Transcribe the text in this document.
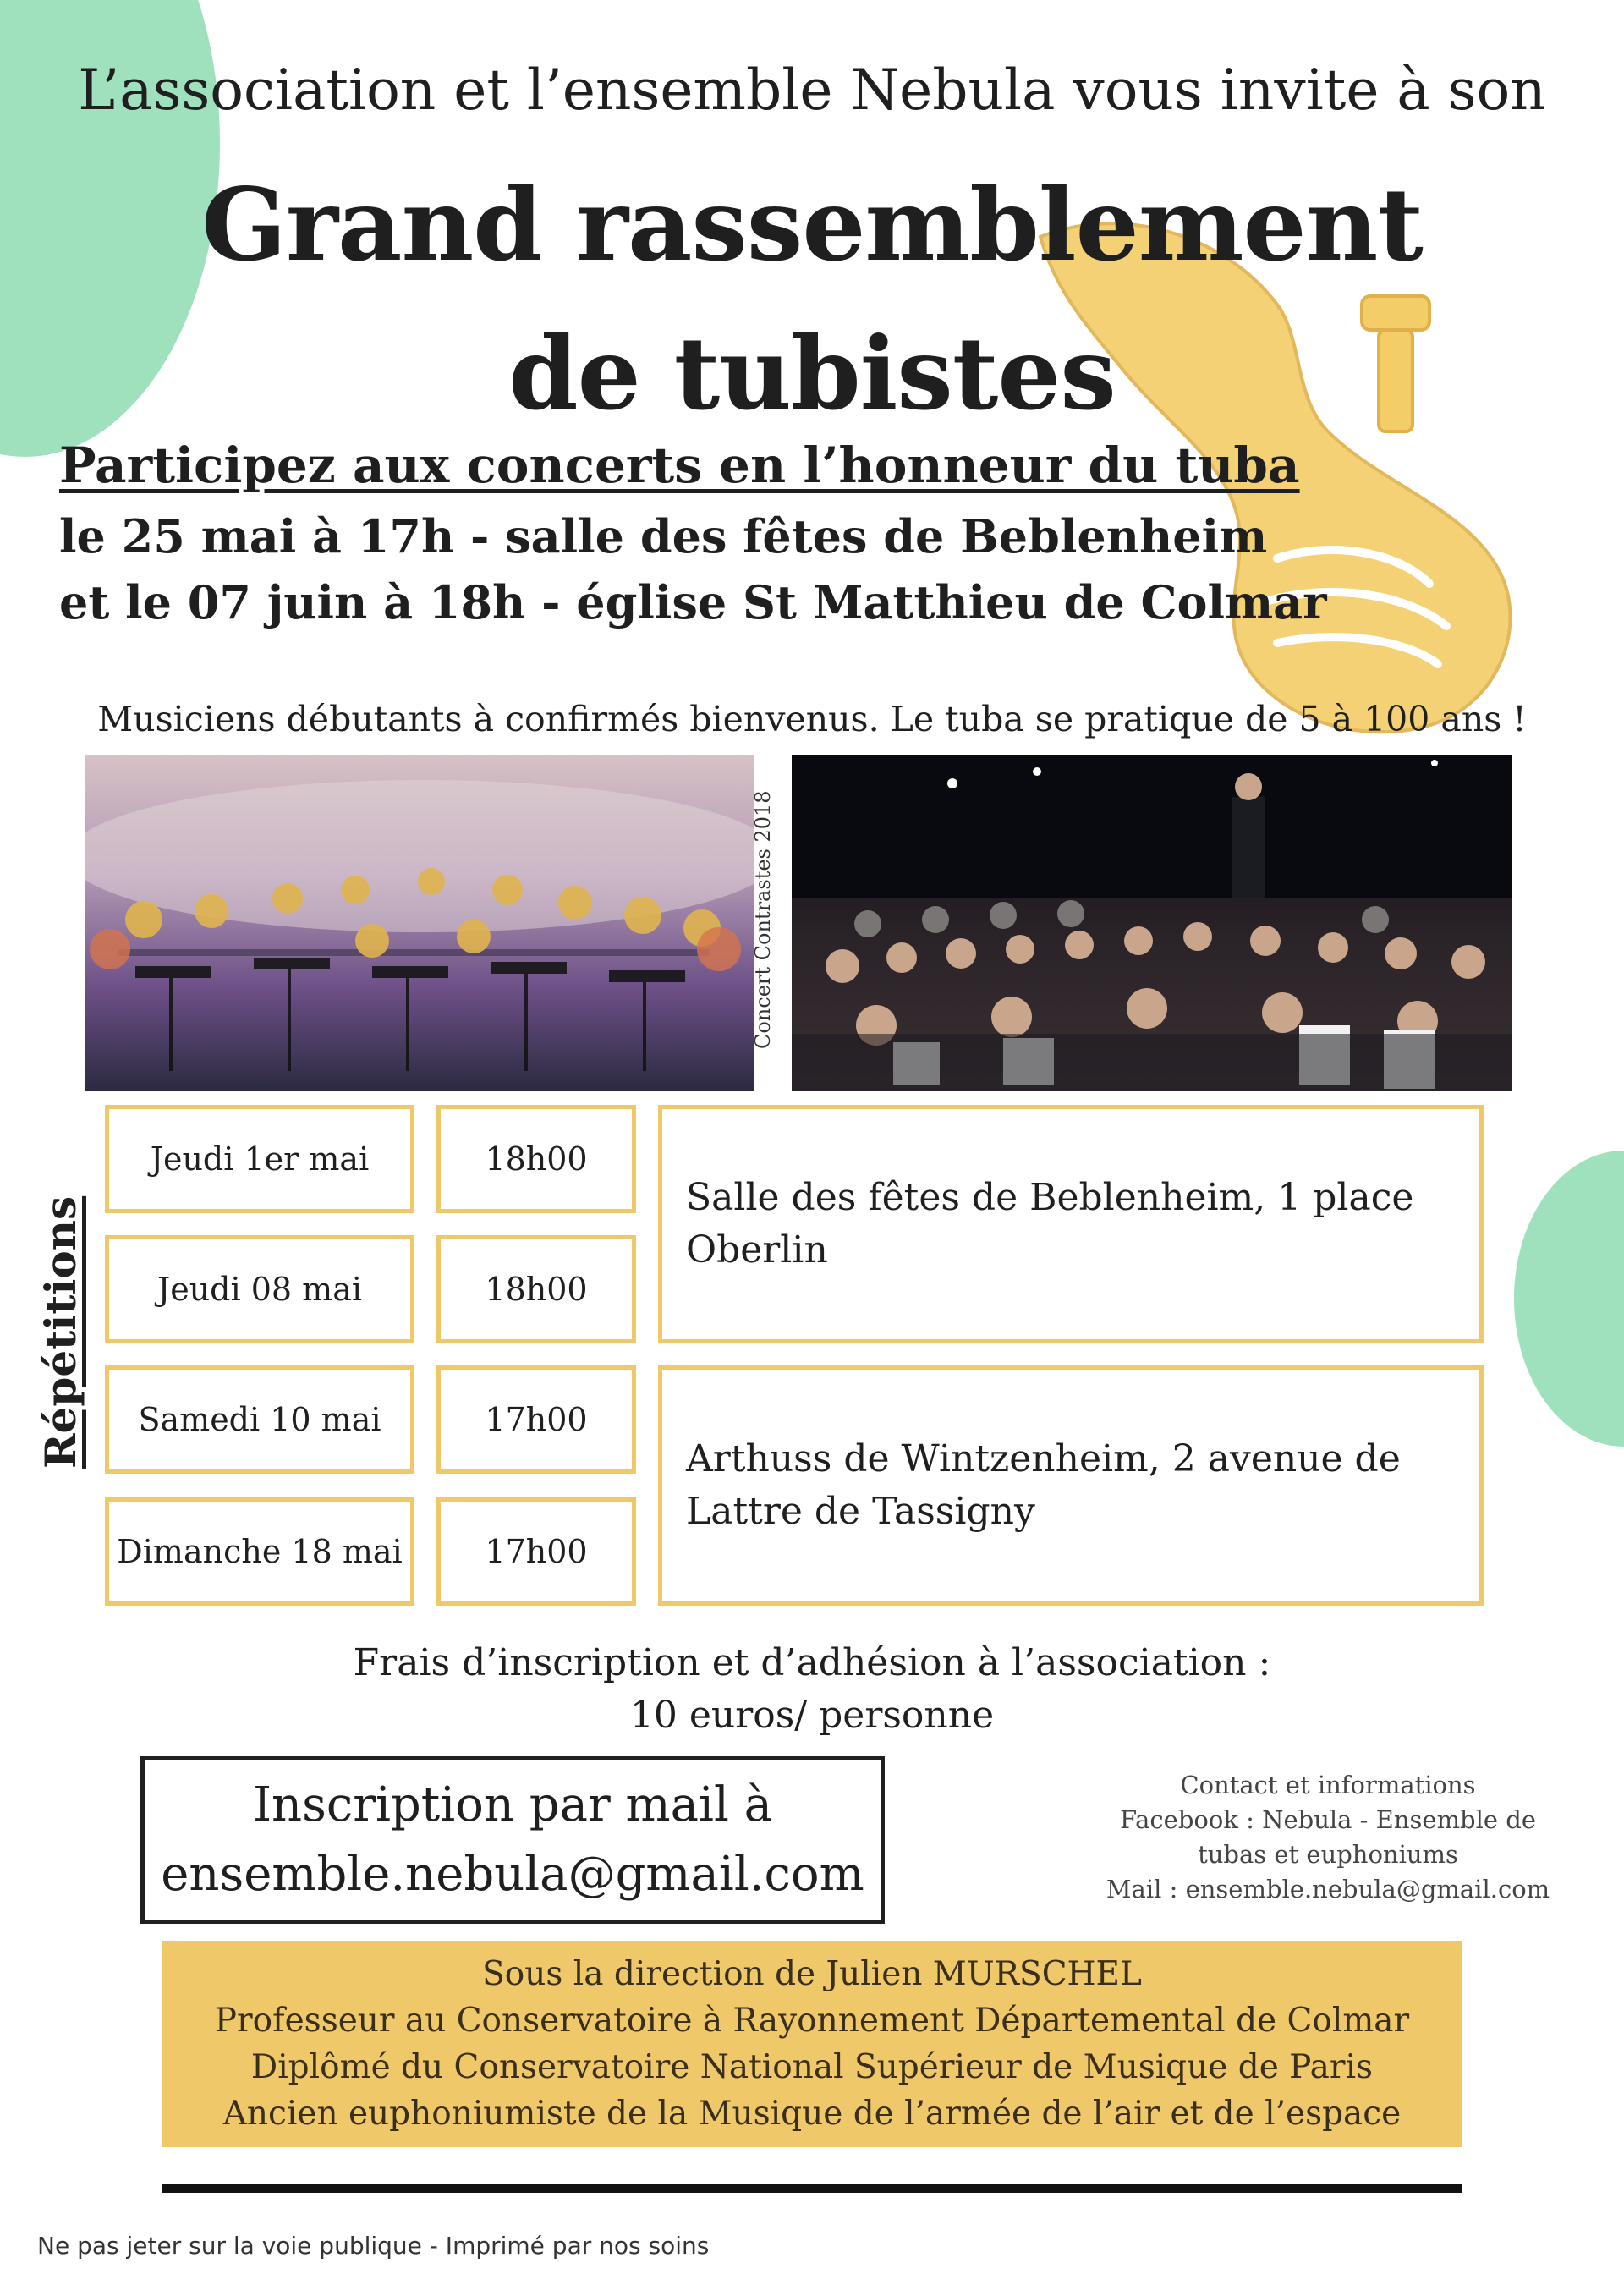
L’association et l’ensemble Nebula vous invite à son
Grand rassemblement
de tubistes
Participez aux concerts en l’honneur du tuba
le 25 mai à 17h - salle des fêtes de Beblenheim
et le 07 juin à 18h - église St Matthieu de Colmar
Musiciens débutants à confirmés bienvenus. Le tuba se pratique de 5 à 100 ans !
Concert Contrastes 2018
Répétitions
Jeudi 1er mai	18h00
Jeudi 08 mai	18h00
Samedi 10 mai	17h00
Dimanche 18 mai	17h00
Salle des fêtes de Beblenheim, 1 place Oberlin
Arthuss de Wintzenheim, 2 avenue de Lattre de Tassigny
Frais d’inscription et d’adhésion à l’association :
10 euros/ personne
Inscription par mail à
ensemble.nebula@gmail.com
Contact et informations
Facebook : Nebula - Ensemble de tubas et euphoniums
Mail : ensemble.nebula@gmail.com
Sous la direction de Julien MURSCHEL
Professeur au Conservatoire à Rayonnement Départemental de Colmar
Diplômé du Conservatoire National Supérieur de Musique de Paris
Ancien euphoniumiste de la Musique de l’armée de l’air et de l’espace
Ne pas jeter sur la voie publique - Imprimé par nos soins
